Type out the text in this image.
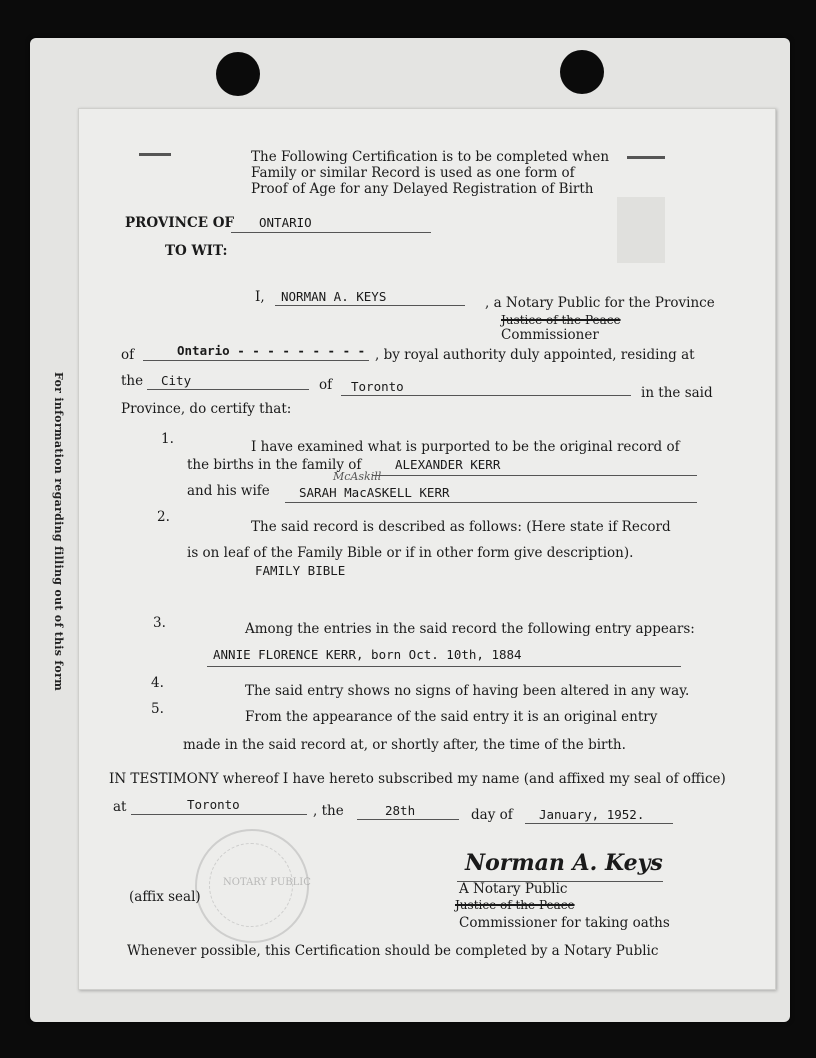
For information regarding filling out of this form
The Following Certification is to be completed when
Family or similar Record is used as one form of
Proof of Age for any Delayed Registration of Birth
PROVINCE OF ONTARIO
TO WIT:
I, NORMAN A. KEYS	, a Notary Public for the Province
Justice of the Peace
Commissioner
of	Ontario - - - - - - - - - , by royal authority duly appointed, residing at
the City	of Toronto	in the said
Province, do certify that:
1.	I have examined what is purported to be the original record of
the births in the family of	ALEXANDER KERR
McAskill
and his wife SARAH MacASKELL KERR
2.
The said record is described as follows: (Here state if Record
is on leaf of the Family Bible or if in other form give description).
FAMILY BIBLE
3.	Among the entries in the said record the following entry appears:
ANNIE FLORENCE KERR, born Oct. 10th, 1884
4.	The said entry shows no signs of having been altered in any way.
5.	From the appearance of the said entry it is an original entry
made in the said record at, or shortly after, the time of the birth.
IN TESTIMONY whereof I have hereto subscribed my name (and affixed my seal of office)
at	Toronto	, the	28th	day of January, 1952.
NOTARY PUBLIC
Norman A. Keys
A Notary Public
Justice of the Peace
Commissioner for taking oaths
(affix seal)
Whenever possible, this Certification should be completed by a Notary Public
